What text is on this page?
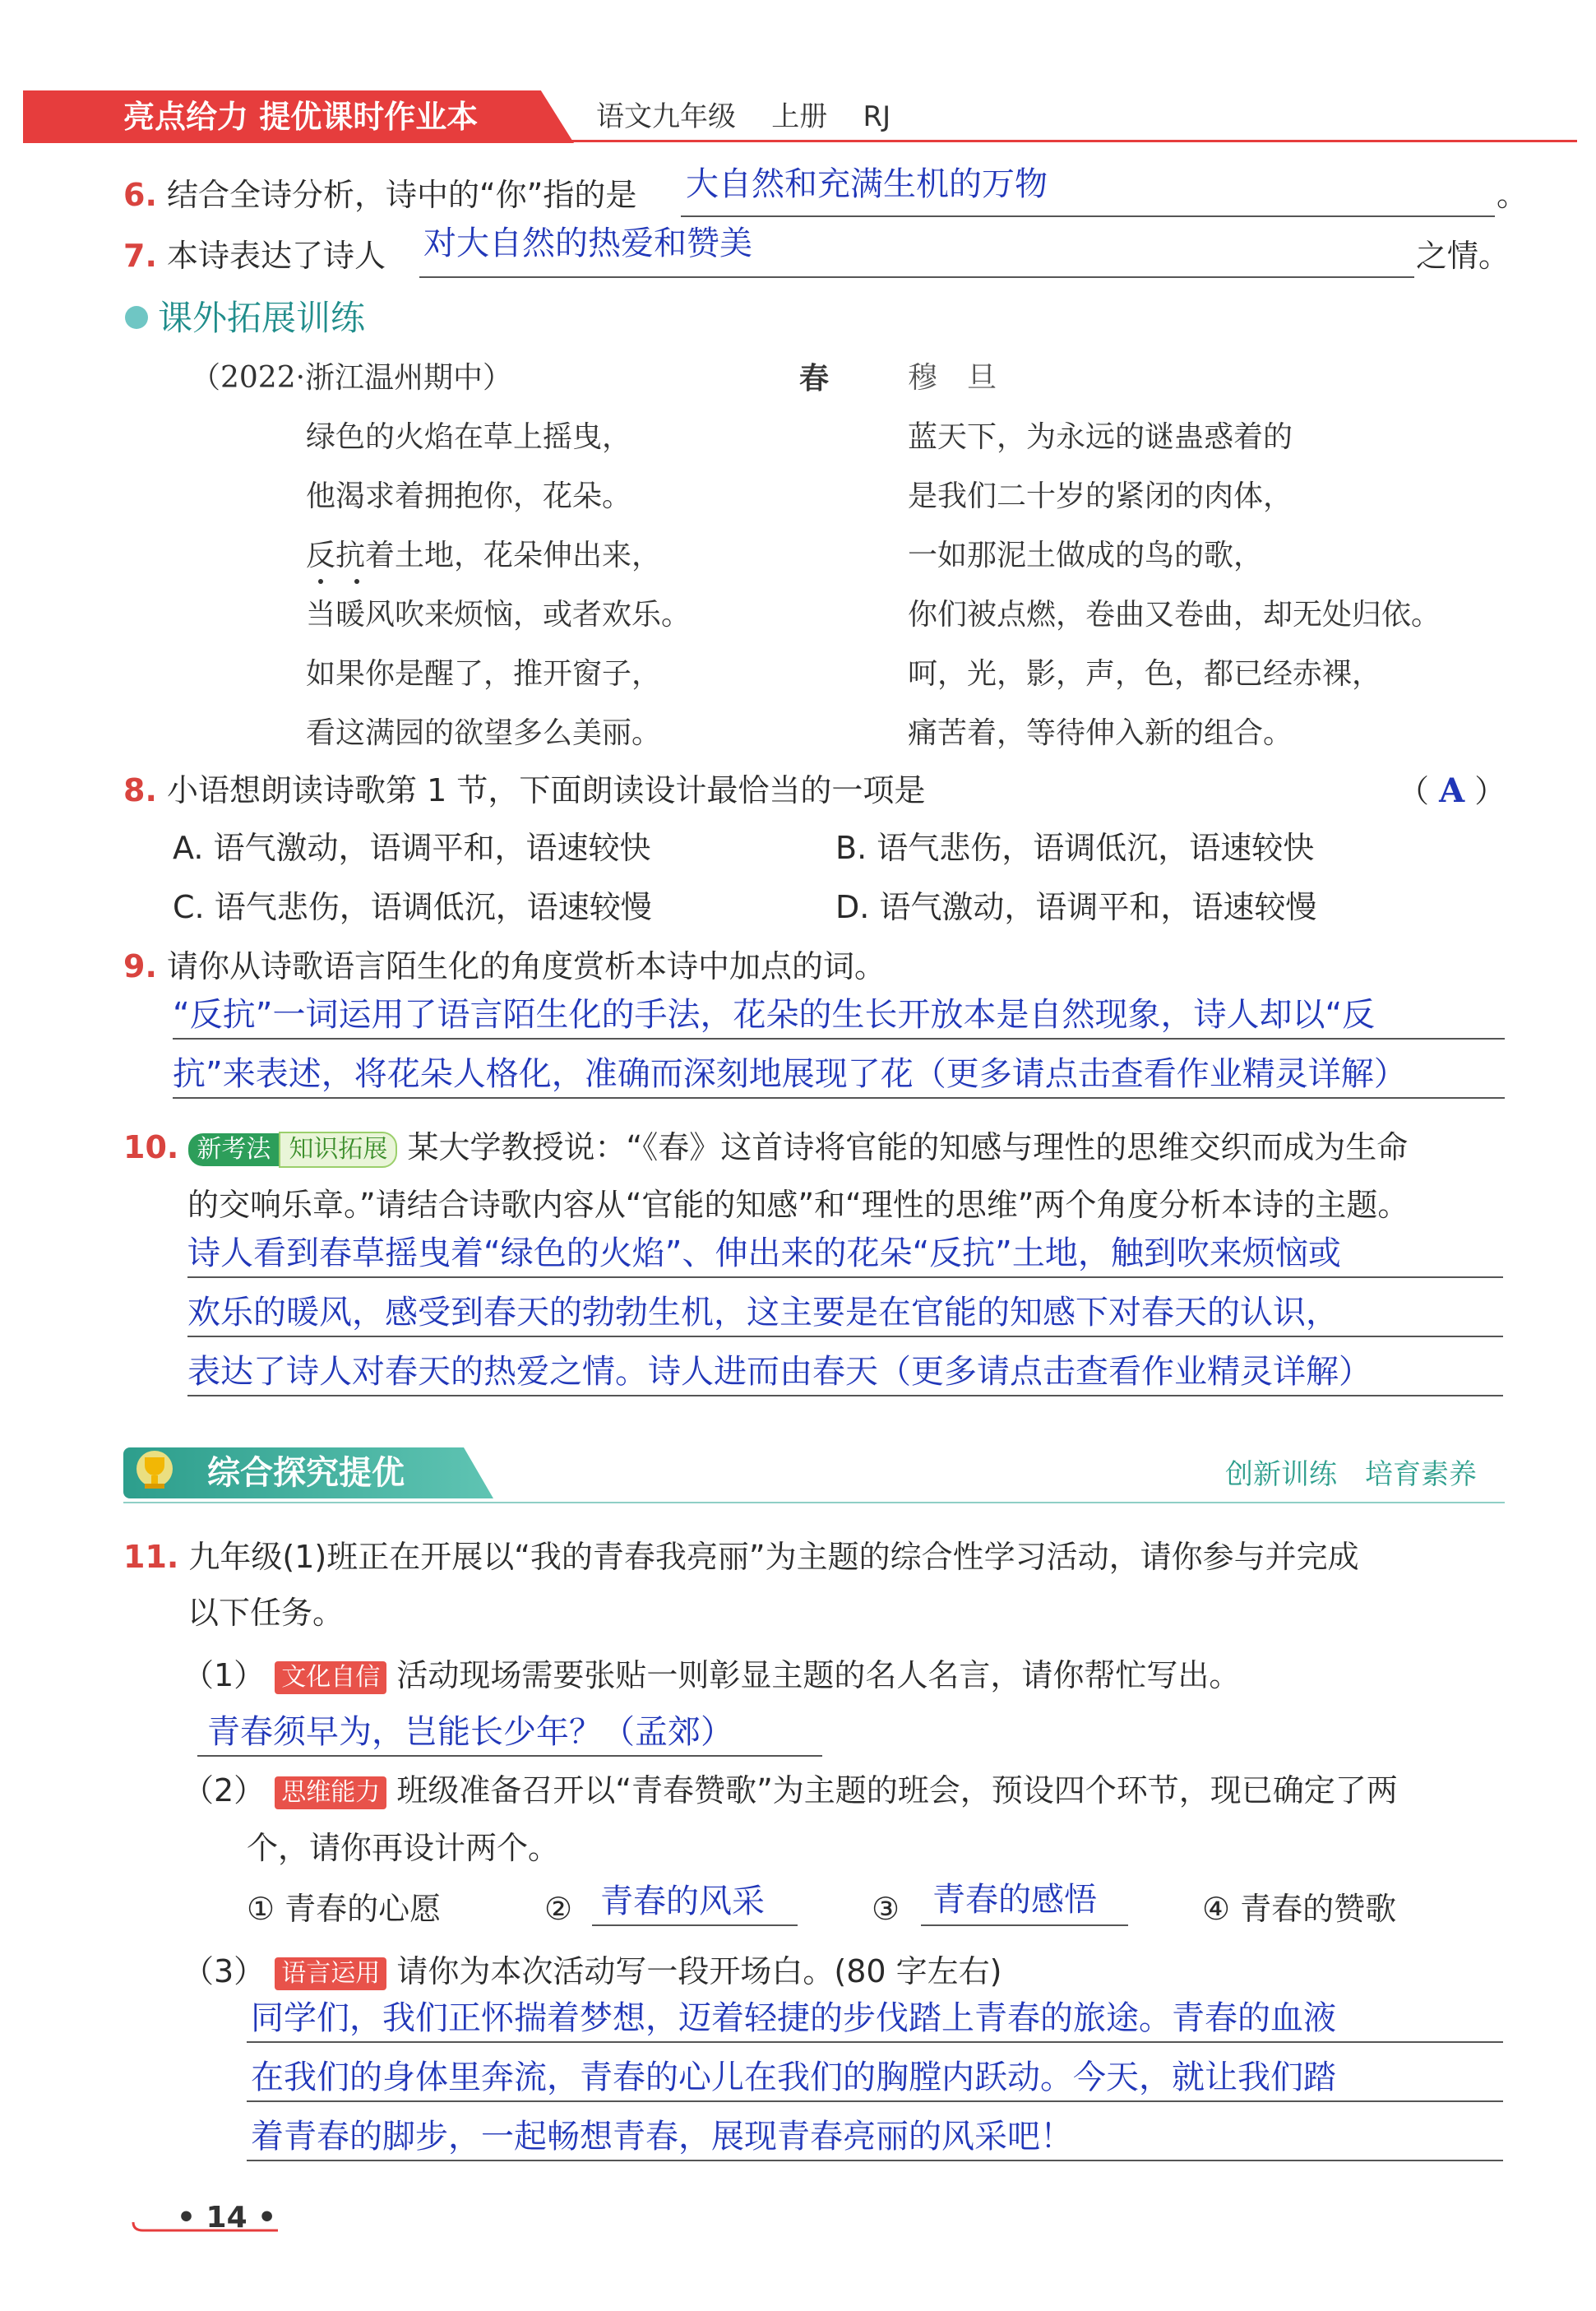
亮点给力 提优课时作业本	语文九年级 上册 RJ
6. 结合全诗分析，诗中的“你”指的是 大自然和充满生机的万物	。
7. 本诗表达了诗人 对大自然的热爱和赞美	之情。
课外拓展训练
（2022·浙江温州期中）	春	穆　旦
绿色的火焰在草上摇曳，
他渴求着拥抱你，花朵。
反抗着土地，花朵伸出来，
当暖风吹来烦恼，或者欢乐。
如果你是醒了，推开窗子，
看这满园的欲望多么美丽。
蓝天下，为永远的谜蛊惑着的
是我们二十岁的紧闭的肉体，
一如那泥土做成的鸟的歌，
你们被点燃，卷曲又卷曲，却无处归依。
呵，光，影，声，色，都已经赤裸，
痛苦着，等待伸入新的组合。
8. 小语想朗读诗歌第 1 节，下面朗读设计最恰当的一项是	（ A ）
A. 语气激动，语调平和，语速较快	B. 语气悲伤，语调低沉，语速较快
C. 语气悲伤，语调低沉，语速较慢	D. 语气激动，语调平和，语速较慢
9. 请你从诗歌语言陌生化的角度赏析本诗中加点的词。
“反抗”一词运用了语言陌生化的手法，花朵的生长开放本是自然现象，诗人却以“反
抗”来表述，将花朵人格化，准确而深刻地展现了花（更多请点击查看作业精灵详解）
10. 新考法 知识拓展 某大学教授说：“《春》这首诗将官能的知感与理性的思维交织而成为生命
的交响乐章。”请结合诗歌内容从“官能的知感”和“理性的思维”两个角度分析本诗的主题。
诗人看到春草摇曳着“绿色的火焰”、伸出来的花朵“反抗”土地，触到吹来烦恼或
欢乐的暖风，感受到春天的勃勃生机，这主要是在官能的知感下对春天的认识，
表达了诗人对春天的热爱之情。诗人进而由春天（更多请点击查看作业精灵详解）
综合探究提优	创新训练　培育素养
11. 九年级(1)班正在开展以“我的青春我亮丽”为主题的综合性学习活动，请你参与并完成
以下任务。
（1） 文化自信 活动现场需要张贴一则彰显主题的名人名言，请你帮忙写出。
青春须早为，岂能长少年？（孟郊）
（2） 思维能力 班级准备召开以“青春赞歌”为主题的班会，预设四个环节，现已确定了两
个，请你再设计两个。
① 青春的心愿	② 青春的风采	③ 青春的感悟	④ 青春的赞歌
（3） 语言运用 请你为本次活动写一段开场白。(80 字左右)
同学们，我们正怀揣着梦想，迈着轻捷的步伐踏上青春的旅途。青春的血液
在我们的身体里奔流，青春的心儿在我们的胸膛内跃动。今天，就让我们踏
着青春的脚步，一起畅想青春，展现青春亮丽的风采吧！
• 14 •
